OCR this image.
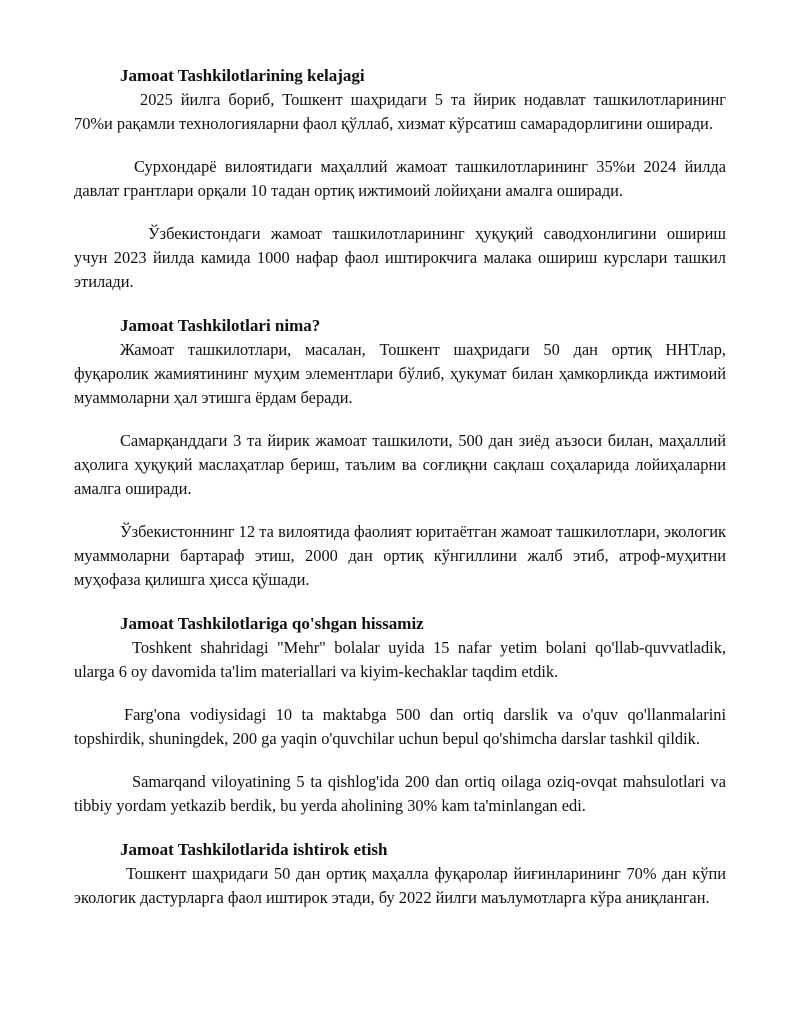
Jamoat Tashkilotlarining kelajagi

2025 йилга бориб, Тошкент шаҳридаги 5 та йирик нодавлат ташкилотларининг 70%и рақамли технологияларни фаол қўллаб, хизмат кўрсатиш самарадорлигини оширади.

Сурхондарё вилоятидаги маҳаллий жамоат ташкилотларининг 35%и 2024 йилда давлат грантлари орқали 10 тадан ортиқ ижтимоий лойиҳани амалга оширади.

Ўзбекистондаги жамоат ташкилотларининг ҳуқуқий саводхонлигини ошириш учун 2023 йилда камида 1000 нафар фаол иштирокчига малака ошириш курслари ташкил этилади.

Jamoat Tashkilotlari nima?

Жамоат ташкилотлари, масалан, Тошкент шаҳридаги 50 дан ортиқ ННТлар, фуқаролик жамиятининг муҳим элементлари бўлиб, ҳукумат билан ҳамкорликда ижтимоий муаммоларни ҳал этишга ёрдам беради.

Самарқанддаги 3 та йирик жамоат ташкилоти, 500 дан зиёд аъзоси билан, маҳаллий аҳолига ҳуқуқий маслаҳатлар бериш, таълим ва соғлиқни сақлаш соҳаларида лойиҳаларни амалга оширади.

Ўзбекистоннинг 12 та вилоятида фаолият юритаётган жамоат ташкилотлари, экологик муаммоларни бартараф этиш, 2000 дан ортиқ кўнгиллини жалб этиб, атроф-муҳитни муҳофаза қилишга ҳисса қўшади.

Jamoat Tashkilotlariga qo'shgan hissamiz

Toshkent shahridagi "Mehr" bolalar uyida 15 nafar yetim bolani qo'llab-quvvatladik, ularga 6 oy davomida ta'lim materiallari va kiyim-kechaklar taqdim etdik.

Farg'ona vodiysidagi 10 ta maktabga 500 dan ortiq darslik va o'quv qo'llanmalarini topshirdik, shuningdek, 200 ga yaqin o'quvchilar uchun bepul qo'shimcha darslar tashkil qildik.

Samarqand viloyatining 5 ta qishlog'ida 200 dan ortiq oilaga oziq-ovqat mahsulotlari va tibbiy yordam yetkazib berdik, bu yerda aholining 30% kam ta'minlangan edi.

Jamoat Tashkilotlarida ishtirok etish

Тошкент шаҳридаги 50 дан ортиқ маҳалла фуқаролар йиғинларининг 70% дан кўпи экологик дастурларга фаол иштирок этади, бу 2022 йилги маълумотларга кўра аниқланган.
